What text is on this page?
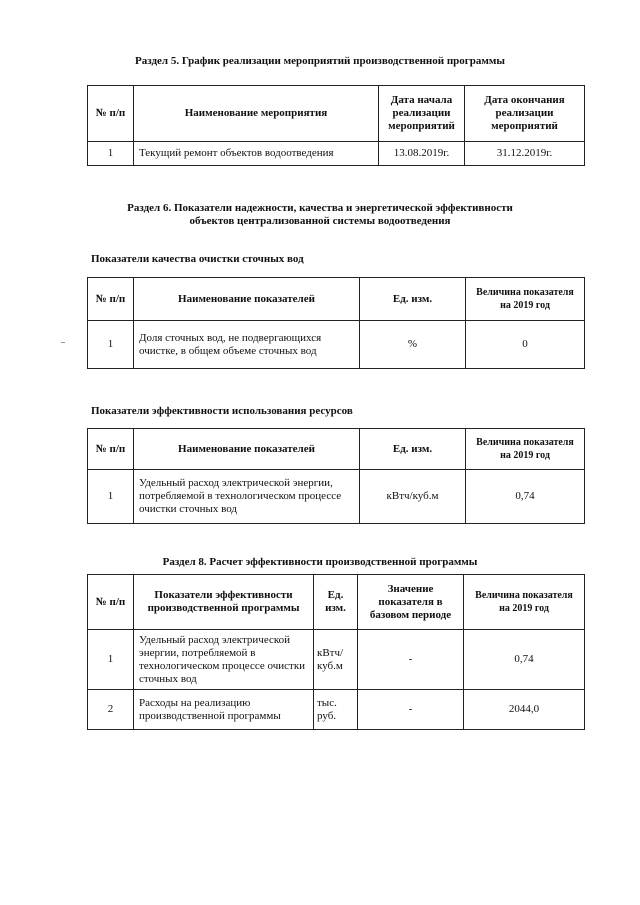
Раздел 5. График реализации мероприятий производственной программы
№ п/п	Наименование мероприятия	Дата начала реализации мероприятий	Дата окончания реализации мероприятий
1	Текущий ремонт объектов водоотведения	13.08.2019г.	31.12.2019г.
Раздел 6. Показатели надежности, качества и энергетической эффективности
объектов централизованной системы водоотведения
Показатели качества очистки сточных вод
№ п/п	Наименование показателей	Ед. изм.	Величина показателя на 2019 год
1	Доля сточных вод, не подвергающихся очистке, в общем объеме сточных вод	%	0
Показатели эффективности использования ресурсов
№ п/п	Наименование показателей	Ед. изм.	Величина показателя на 2019 год
1	Удельный расход электрической энергии, потребляемой в технологическом процессе очистки сточных вод	кВтч/куб.м	0,74
Раздел 8. Расчет эффективности производственной программы
№ п/п	Показатели эффективности производственной программы	Ед. изм.	Значение показателя в базовом периоде	Величина показателя на 2019 год
1	Удельный расход электрической энергии, потребляемой в технологическом процессе очистки сточных вод	кВтч/ куб.м	-	0,74
2	Расходы на реализацию производственной программы	тыс. руб.	-	2044,0
